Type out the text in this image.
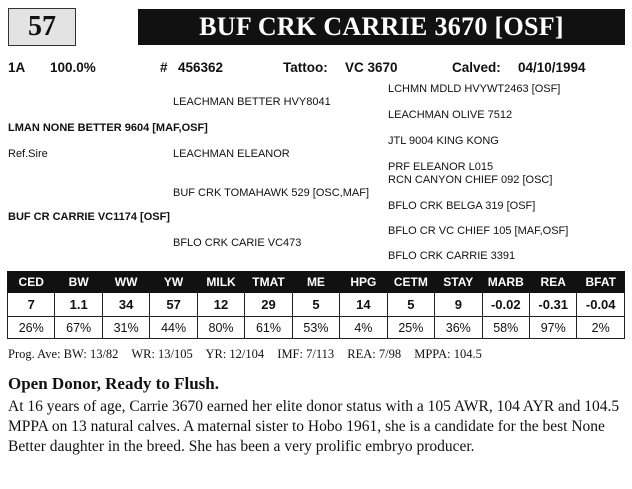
57	BUF CRK CARRIE 3670 [OSF]
1A 100.0%	# 456362	Tattoo: VC 3670	Calved: 04/10/1994
LCHMN MDLD HVYWT2463 [OSF]
LEACHMAN BETTER HVY8041
LEACHMAN OLIVE 7512
LMAN NONE BETTER 9604 [MAF,OSF]
JTL 9004 KING KONG
Ref.Sire	LEACHMAN ELEANOR
PRF ELEANOR L015
RCN CANYON CHIEF 092 [OSC]
BUF CRK TOMAHAWK 529 [OSC,MAF]
BFLO CRK BELGA 319 [OSF]
BUF CR CARRIE VC1174 [OSF]
BFLO CR VC CHIEF 105 [MAF,OSF]
BFLO CRK CARIE VC473
BFLO CRK CARRIE 3391
CED	BW	WW	YW	MILK	TMAT	ME	HPG	CETM	STAY	MARB	REA	BFAT
7	1.1	34	57	12	29	5	14	5	9	-0.02	-0.31	-0.04
26%	67%	31%	44%	80%	61%	53%	4%	25%	36%	58%	97%	2%
Prog. Ave: BW: 13/82 WR: 13/105 YR: 12/104 IMF: 7/113 REA: 7/98 MPPA: 104.5
Open Donor, Ready to Flush.
At 16 years of age, Carrie 3670 earned her elite donor status with a 105 AWR, 104 AYR and 104.5 MPPA on 13 natural calves. A maternal sister to Hobo 1961, she is a candidate for the best None Better daughter in the breed. She has been a very prolific embryo producer.
